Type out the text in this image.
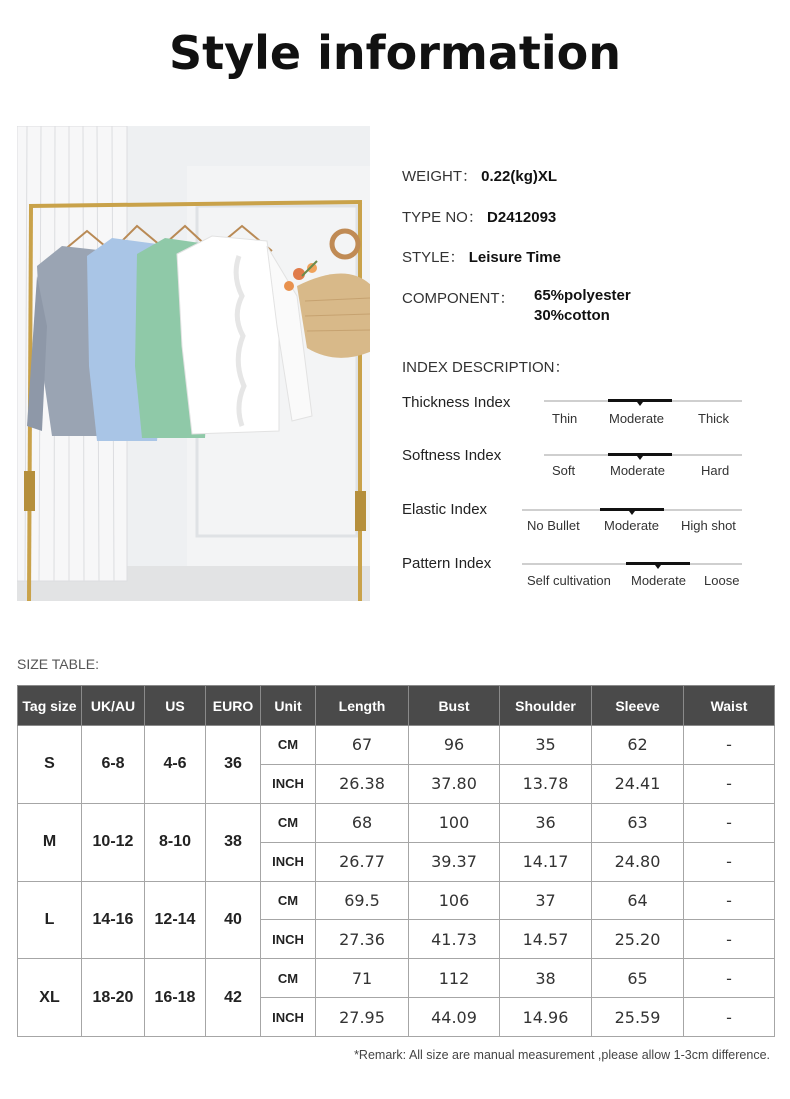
Style information
WEIGHT： 0.22(kg)XL
TYPE NO： D2412093
STYLE： Leisure Time
COMPONENT： 65%polyester
30%cotton
INDEX DESCRIPTION：
Thickness Index
Thin Moderate	Thick
Softness Index
Soft	Moderate	Hard
Elastic Index
No Bullet Moderate High shot
Pattern Index
Self cultivation Moderate Loose
SIZE TABLE:
Tag size	UK/AU	US	EURO	Unit	Length	Bust	Shoulder	Sleeve	Waist
S	6-8	4-6	36	CM	67	96	35	62	-
				INCH	26.38	37.80	13.78	24.41	-
M	10-12	8-10	38	CM	68	100	36	63	-
				INCH	26.77	39.37	14.17	24.80	-
L	14-16	12-14	40	CM	69.5	106	37	64	-
				INCH	27.36	41.73	14.57	25.20	-
XL	18-20	16-18	42	CM	71	112	38	65	-
				INCH	27.95	44.09	14.96	25.59	-
*Remark: All size are manual measurement ,please allow 1-3cm difference.
